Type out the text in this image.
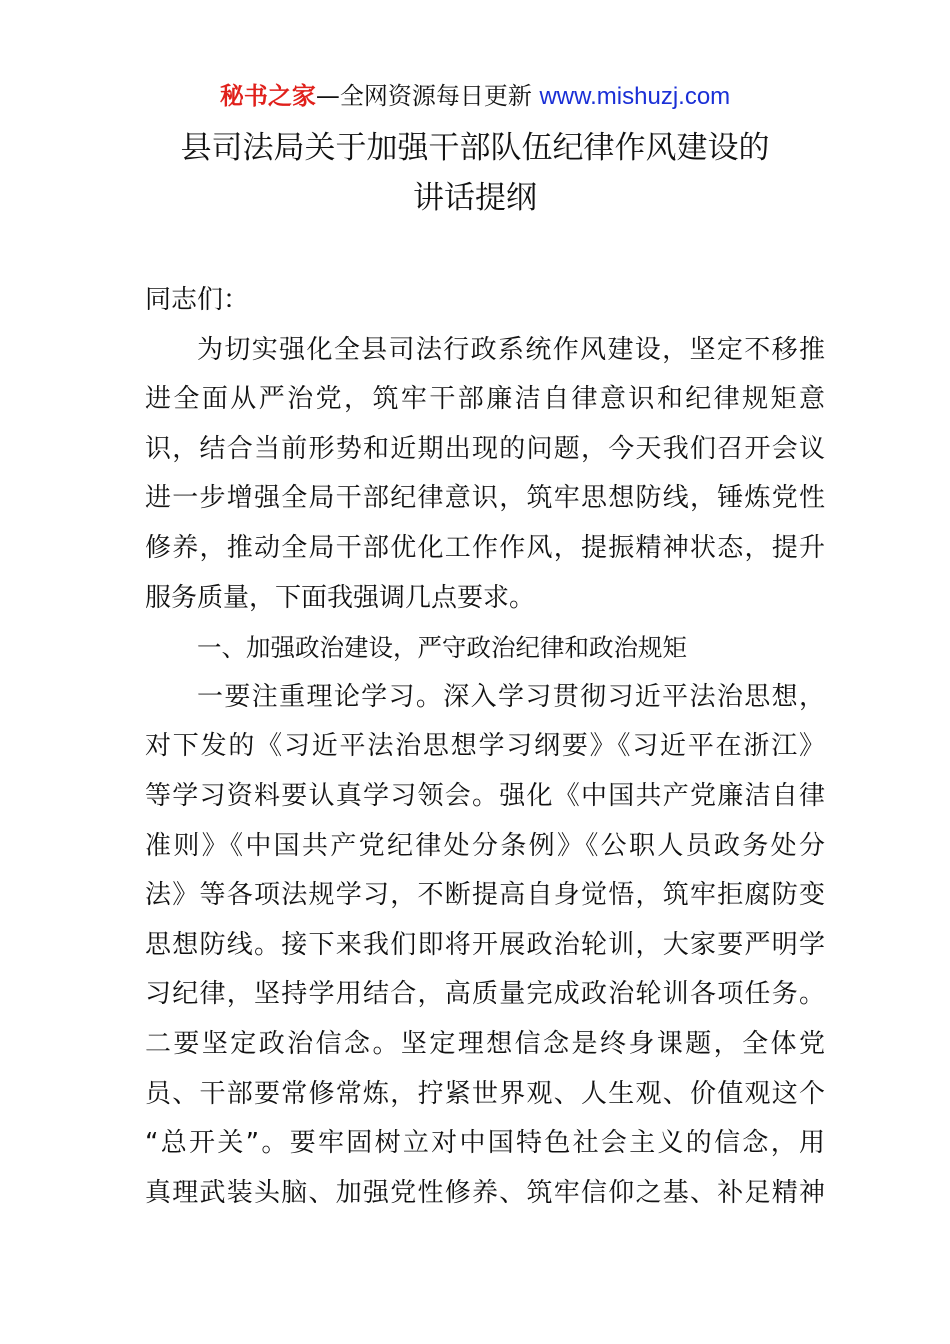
秘书之家—全网资源每日更新 www.mishuzj.com
县司法局关于加强干部队伍纪律作风建设的
讲话提纲
同志们：
为切实强化全县司法行政系统作风建设，坚定不移推
进全面从严治党，筑牢干部廉洁自律意识和纪律规矩意
识，结合当前形势和近期出现的问题，今天我们召开会议
进一步增强全局干部纪律意识，筑牢思想防线，锤炼党性
修养，推动全局干部优化工作作风，提振精神状态，提升
服务质量，下面我强调几点要求。
一、加强政治建设，严守政治纪律和政治规矩
一要注重理论学习。深入学习贯彻习近平法治思想，
对下发的《习近平法治思想学习纲要》《习近平在浙江》
等学习资料要认真学习领会。强化《中国共产党廉洁自律
准则》《中国共产党纪律处分条例》《公职人员政务处分
法》等各项法规学习，不断提高自身觉悟，筑牢拒腐防变
思想防线。接下来我们即将开展政治轮训，大家要严明学
习纪律，坚持学用结合，高质量完成政治轮训各项任务。
二要坚定政治信念。坚定理想信念是终身课题，全体党
员、干部要常修常炼，拧紧世界观、人生观、价值观这个
“总开关”。要牢固树立对中国特色社会主义的信念，用
真理武装头脑、加强党性修养、筑牢信仰之基、补足精神
